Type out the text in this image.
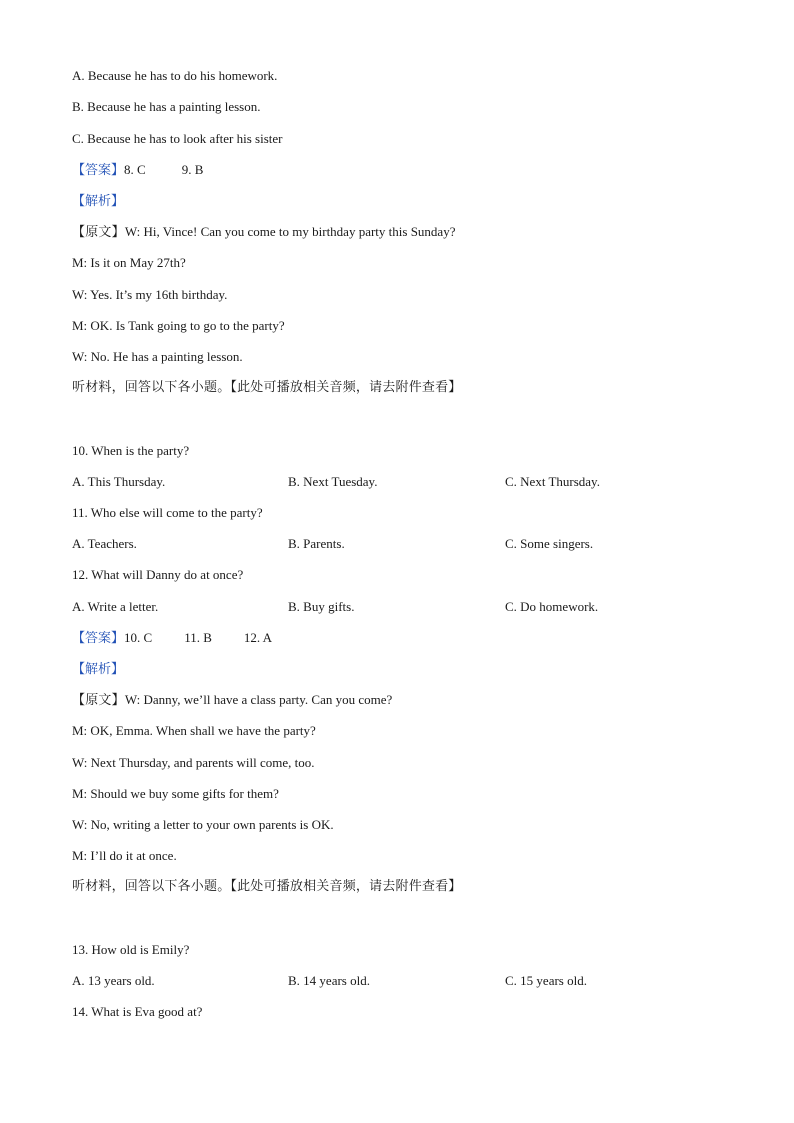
A. Because he has to do his homework.
B. Because he has a painting lesson.
C. Because he has to look after his sister
【答案】8. C	9. B
【解析】
【原文】W: Hi, Vince! Can you come to my birthday party this Sunday?
M: Is it on May 27th?
W: Yes. It’s my 16th birthday.
M: OK. Is Tank going to go to the party?
W: No. He has a painting lesson.
听材料，回答以下各小题。【此处可播放相关音频，请去附件查看】
10. When is the party?
A. This Thursday.	B. Next Tuesday.	C. Next Thursday.
11. Who else will come to the party?
A. Teachers.	B. Parents.	C. Some singers.
12. What will Danny do at once?
A. Write a letter.	B. Buy gifts.	C. Do homework.
【答案】10. C 11. B 12. A
【解析】
【原文】W: Danny, we’ll have a class party. Can you come?
M: OK, Emma. When shall we have the party?
W: Next Thursday, and parents will come, too.
M: Should we buy some gifts for them?
W: No, writing a letter to your own parents is OK.
M: I’ll do it at once.
听材料，回答以下各小题。【此处可播放相关音频，请去附件查看】
13. How old is Emily?
A. 13 years old.	B. 14 years old.	C. 15 years old.
14. What is Eva good at?
